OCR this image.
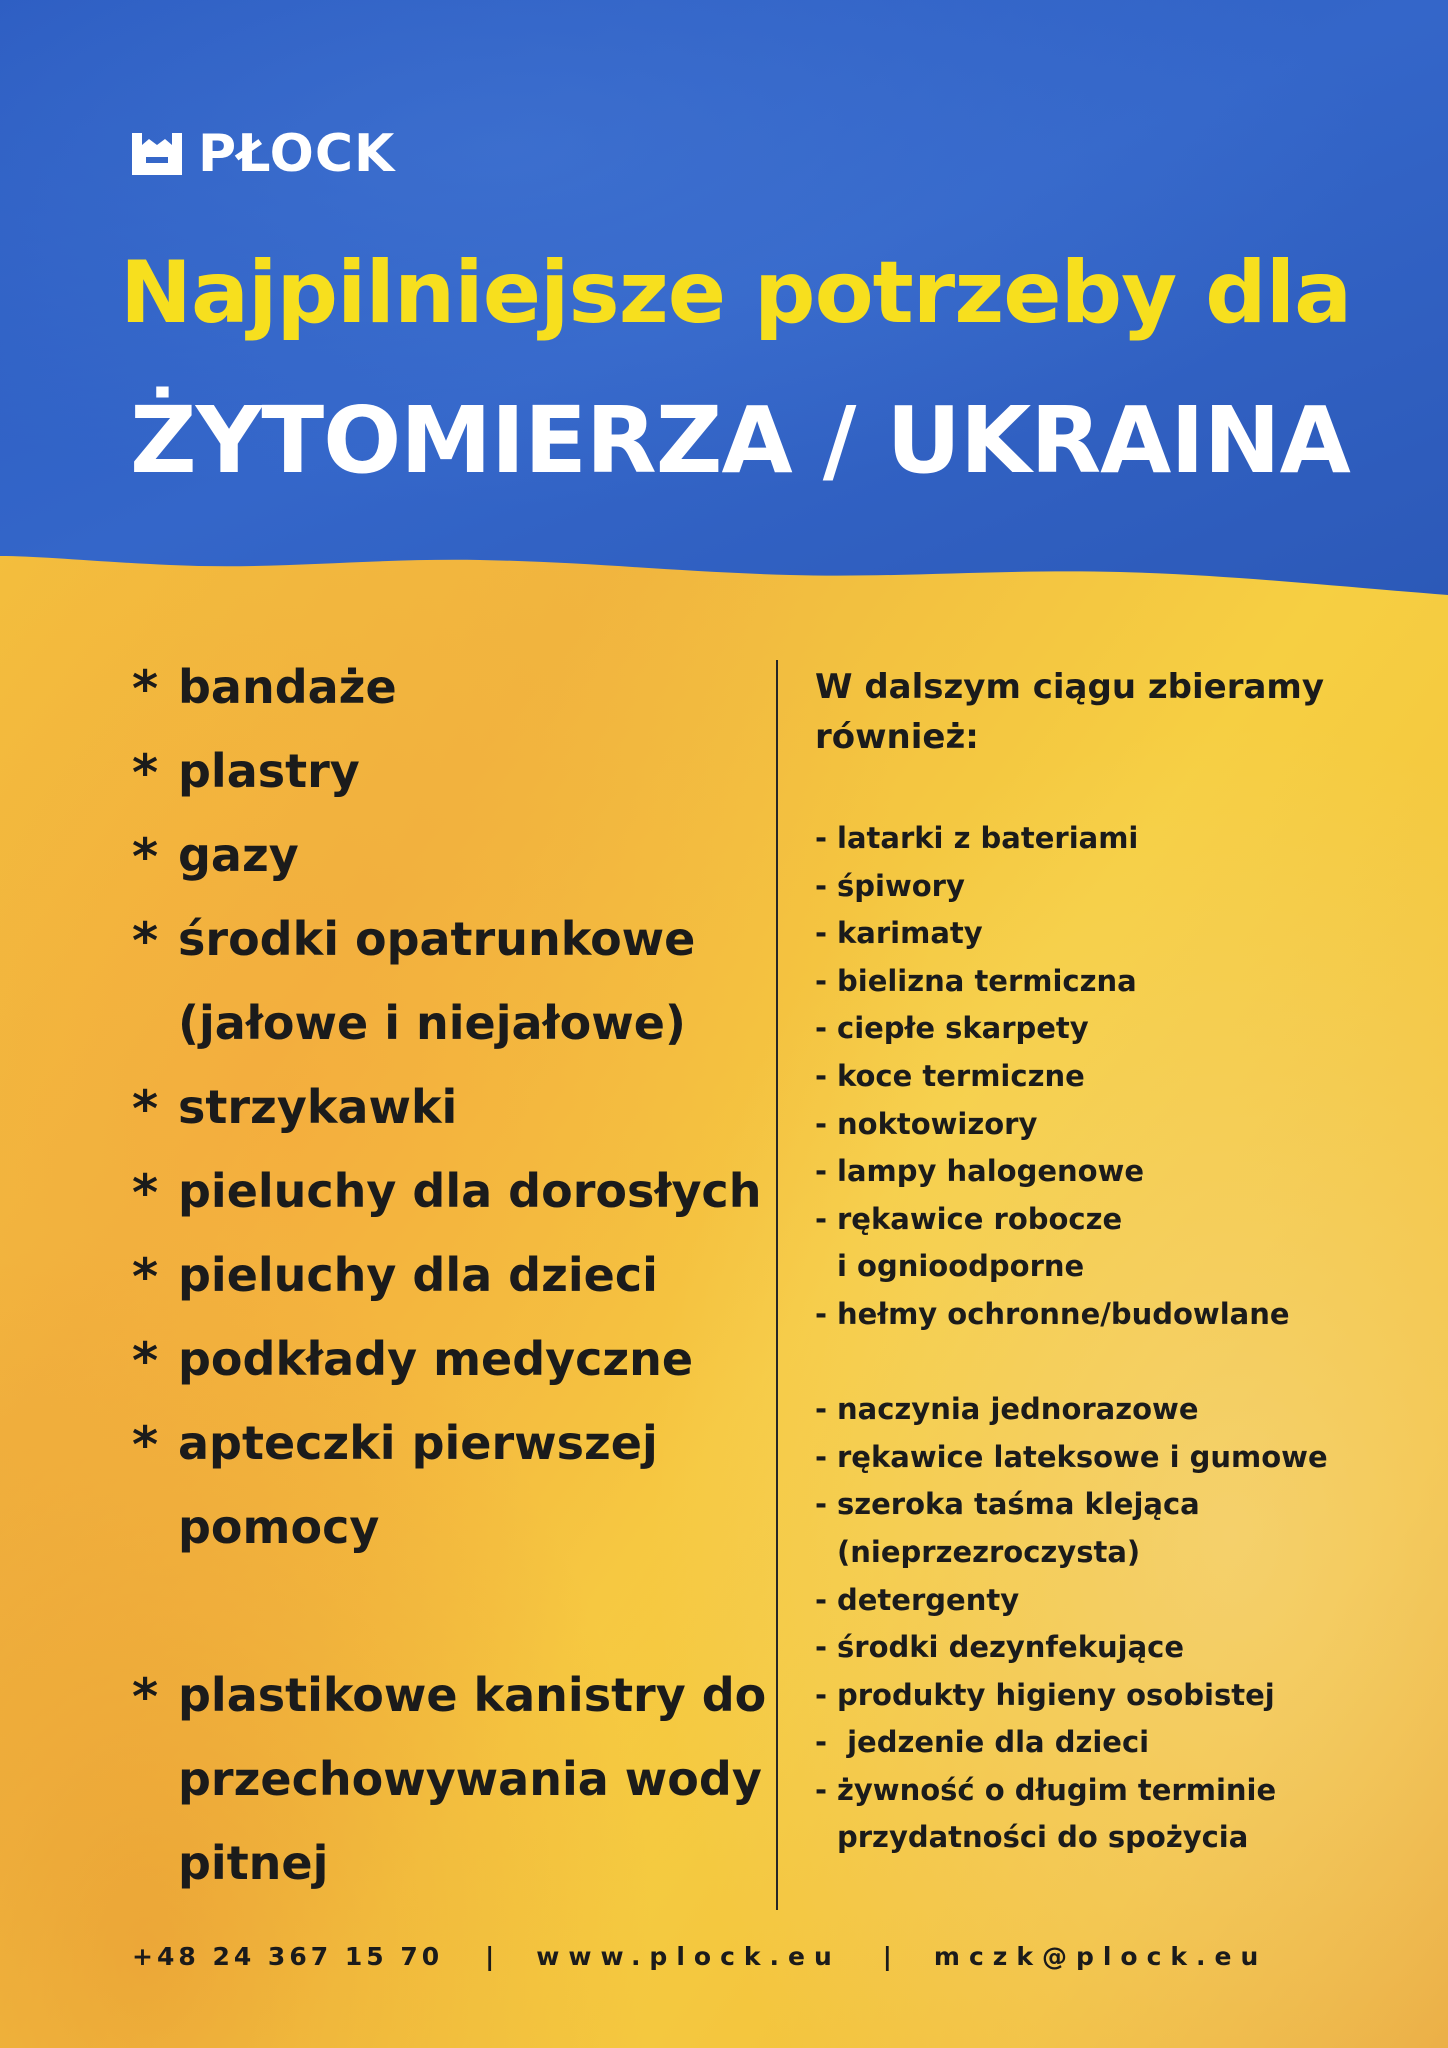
PŁOCK
Najpilniejsze potrzeby dla
ŻYTOMIERZA / UKRAINA
* bandaże
* plastry
* gazy
* środki opatrunkowe
(jałowe i niejałowe)
* strzykawki
* pieluchy dla dorosłych
* pieluchy dla dzieci
* podkłady medyczne
* apteczki pierwszej
pomocy
* plastikowe kanistry do
przechowywania wody
pitnej
W dalszym ciągu zbieramy
również:
- latarki z bateriami
- śpiwory
- karimaty
- bielizna termiczna
- ciepłe skarpety
- koce termiczne
- noktowizory
- lampy halogenowe
- rękawice robocze
i ognioodporne
- hełmy ochronne/budowlane
- naczynia jednorazowe
- rękawice lateksowe i gumowe
- szeroka taśma klejąca
(nieprzezroczysta)
- detergenty
- środki dezynfekujące
- produkty higieny osobistej
- jedzenie dla dzieci
- żywność o długim terminie
przydatności do spożycia
+48 24 367 15 70 | www.plock.eu | mczk@plock.eu
